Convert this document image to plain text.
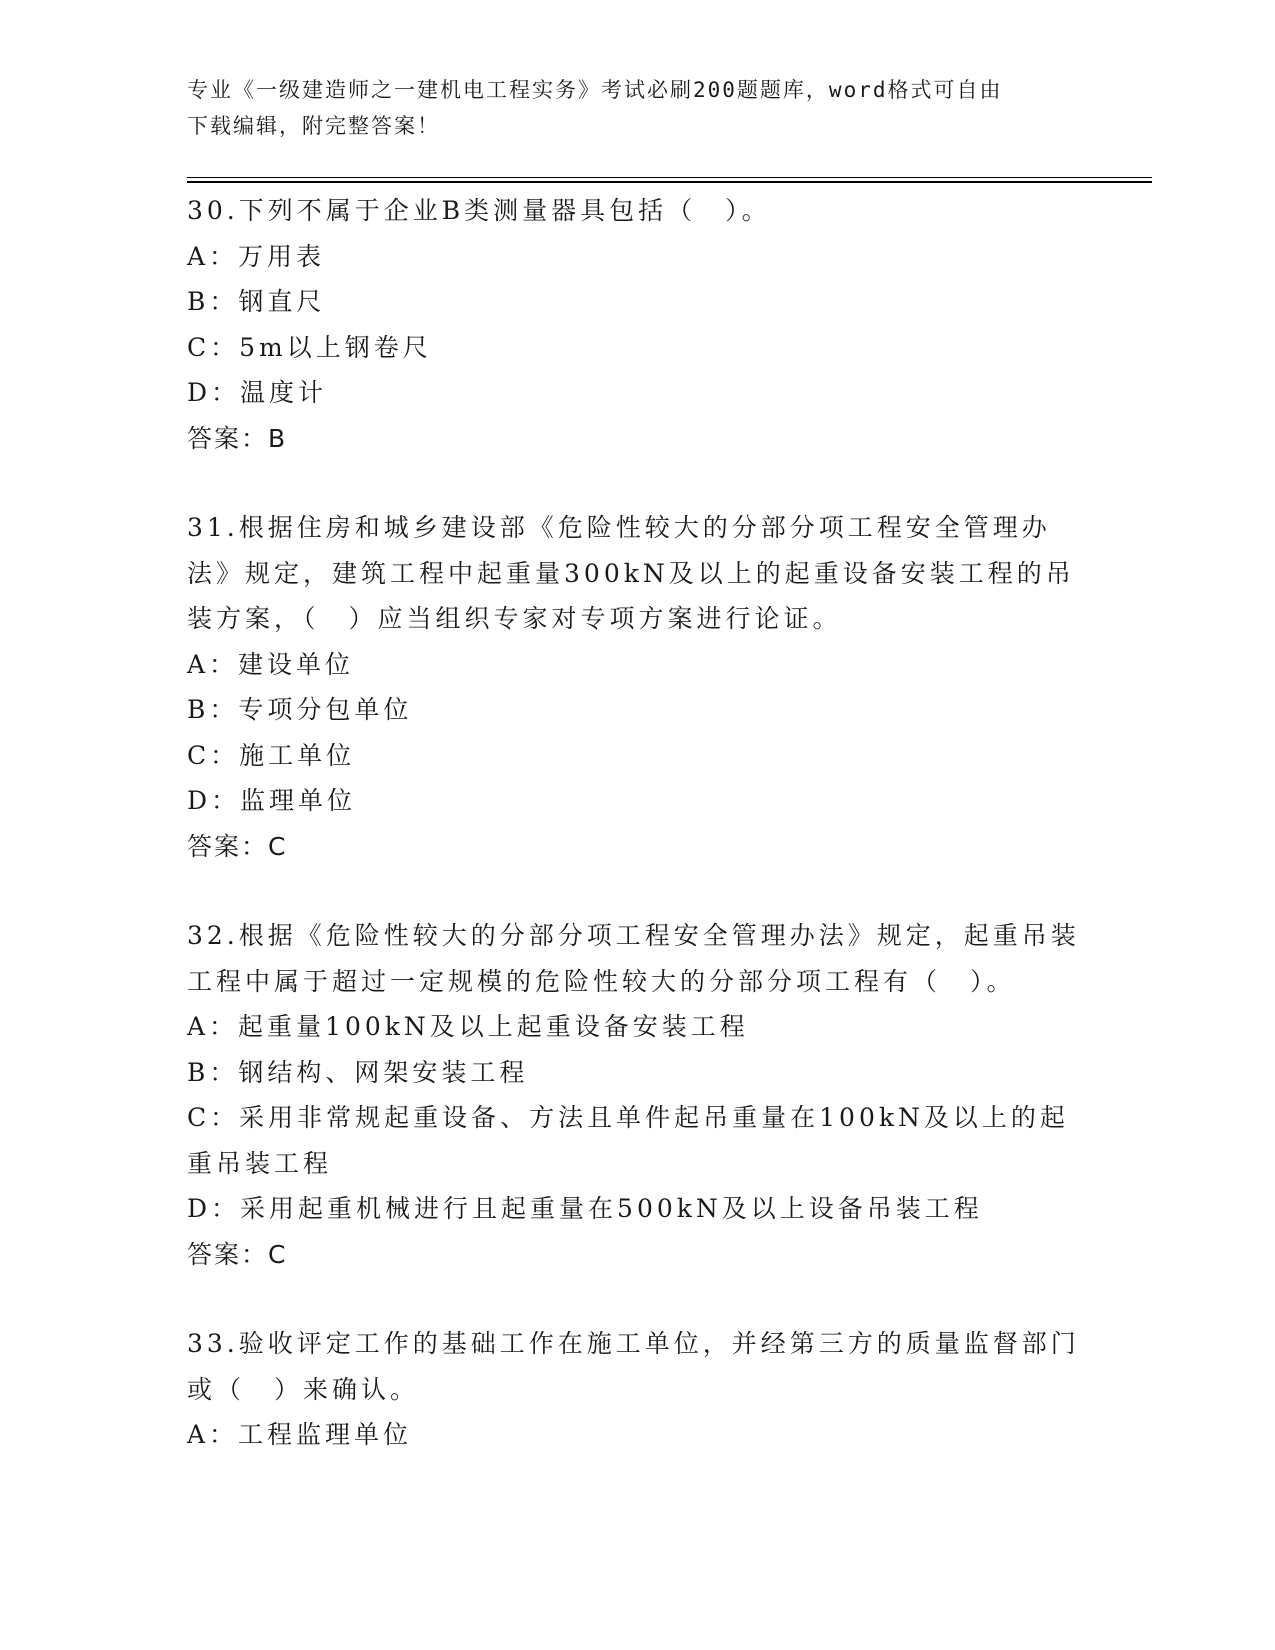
专业《一级建造师之一建机电工程实务》考试必刷200题题库，word格式可自由
下载编辑，附完整答案！

30.下列不属于企业B类测量器具包括（　）。

A：万用表

B：钢直尺

C：5m以上钢卷尺

D：温度计

答案：B

31.根据住房和城乡建设部《危险性较大的分部分项工程安全管理办法》规定，建筑工程中起重量300kN及以上的起重设备安装工程的吊装方案，（　）应当组织专家对专项方案进行论证。

A：建设单位

B：专项分包单位

C：施工单位

D：监理单位

答案：C

32.根据《危险性较大的分部分项工程安全管理办法》规定，起重吊装工程中属于超过一定规模的危险性较大的分部分项工程有（　）。

A：起重量100kN及以上起重设备安装工程

B：钢结构、网架安装工程

C：采用非常规起重设备、方法且单件起吊重量在100kN及以上的起重吊装工程

D：采用起重机械进行且起重量在500kN及以上设备吊装工程

答案：C

33.验收评定工作的基础工作在施工单位，并经第三方的质量监督部门或（　）来确认。

A：工程监理单位
